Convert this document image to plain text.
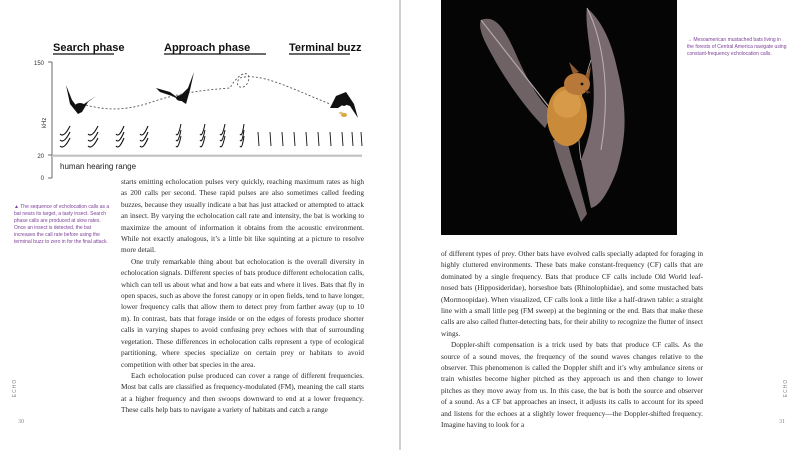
Search phase	Approach phase	Terminal buzz
150
20
0
kHz
human hearing range
▲ The sequence of echolocation calls as a bat nears its target, a tasty insect. Search phase calls are produced at slow rates. Once an insect is detected, the bat increases the call rate before using the terminal buzz to zero in for the final attack.

starts emitting echolocation pulses very quickly, reaching maximum rates as high as 200 calls per second. These rapid pulses are also sometimes called feeding buzzes, because they usually indicate a bat has just attacked or attempted to attack an insect. By varying the echolocation call rate and intensity, the bat is working to maximize the amount of information it obtains from the acoustic environment. While not exactly analogous, it’s a little bit like squinting at a picture to resolve more detail.

One truly remarkable thing about bat echolocation is the overall diversity in echolocation signals. Different species of bats produce different echolocation calls, which can tell us about what and how a bat eats and where it lives. Bats that fly in open spaces, such as above the forest canopy or in open fields, tend to have longer, lower frequency calls that allow them to detect prey from farther away (up to 10 m). In contrast, bats that forage inside or on the edges of forests produce shorter calls in varying shapes to avoid confusing prey echoes with that of surrounding vegetation. These differences in echolocation calls represent a type of ecological partitioning, where species specialize on certain prey or habitats to avoid competition with other bat species in the area.

Each echolocation pulse produced can cover a range of different frequencies. Most bat calls are classified as frequency-modulated (FM), meaning the call starts at a higher frequency and then swoops downward to end at a lower frequency. These calls help bats to navigate a variety of habitats and catch a range

ECHO
30
→ Mesoamerican mustached bats living in the forests of Central America navigate using constant-frequency echolocation calls.

of different types of prey. Other bats have evolved calls specially adapted for foraging in highly cluttered environments. These bats make constant-frequency (CF) calls that are dominated by a single frequency. Bats that produce CF calls include Old World leaf-nosed bats (Hipposideridae), horseshoe bats (Rhinolophidae), and some mustached bats (Mormoopidae). When visualized, CF calls look a little like a half-drawn table: a straight line with a small little peg (FM sweep) at the beginning or the end. Bats that make these calls are also called flutter-detecting bats, for their ability to recognize the flutter of insect wings.

Doppler-shift compensation is a trick used by bats that produce CF calls. As the source of a sound moves, the frequency of the sound waves changes relative to the observer. This phenomenon is called the Doppler shift and it’s why ambulance sirens or train whistles become higher pitched as they approach us and then change to lower pitches as they move away from us. In this case, the bat is both the source and observer of a sound. As a CF bat approaches an insect, it adjusts its calls to account for its speed and listens for the echoes at a slightly lower frequency—the Doppler-shifted frequency. Imagine having to look for a

ECHO
31
